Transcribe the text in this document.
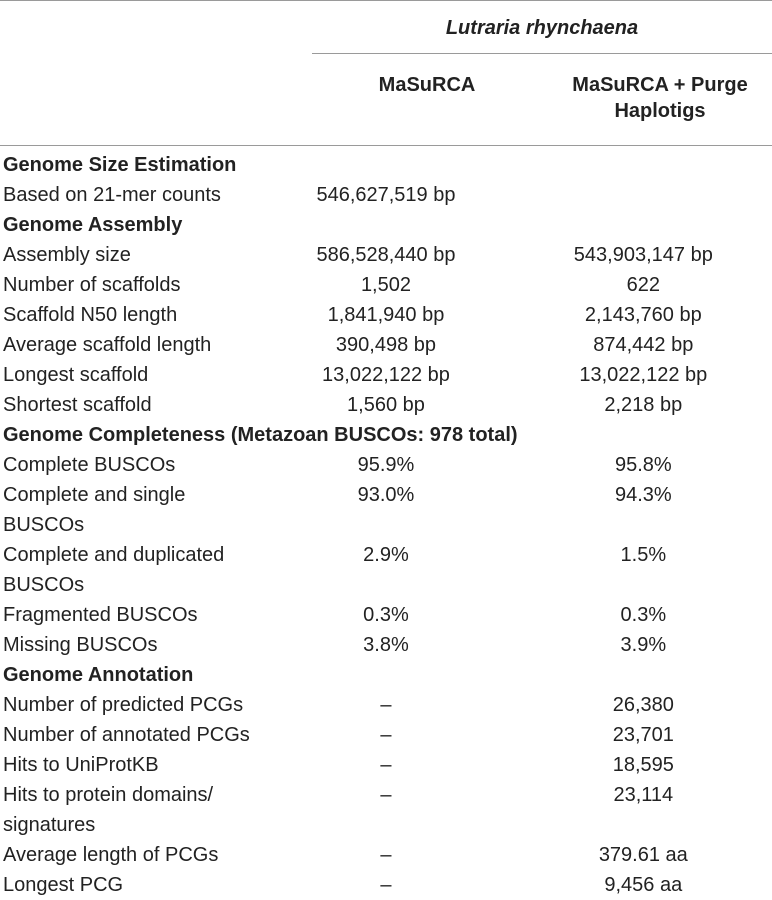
Lutraria rhynchaena
MaSuRCA	MaSuRCA + Purge
Haplotigs
Genome Size Estimation		

Based on 21-mer counts	546,627,519 bp	
Genome Assembly		

Assembly size	586,528,440 bp	543,903,147 bp

Number of scaffolds	1,502	622

Scaffold N50 length	1,841,940 bp	2,143,760 bp

Average scaffold length	390,498 bp	874,442 bp

Longest scaffold	13,022,122 bp	13,022,122 bp

Shortest scaffold	1,560 bp	2,218 bp
Genome Completeness (Metazoan BUSCOs: 978 total)		

Complete BUSCOs	95.9%	95.8%

Complete and single BUSCOs	93.0%	94.3%

Complete and duplicated
BUSCOs	2.9%	1.5%

Fragmented BUSCOs	0.3%	0.3%

Missing BUSCOs	3.8%	3.9%
Genome Annotation		

Number of predicted PCGs	–	26,380

Number of annotated PCGs	–	23,701

Hits to UniProtKB	–	18,595

Hits to protein domains/
signatures	–	23,114

Average length of PCGs	–	379.61 aa

Longest PCG	–	9,456 aa
